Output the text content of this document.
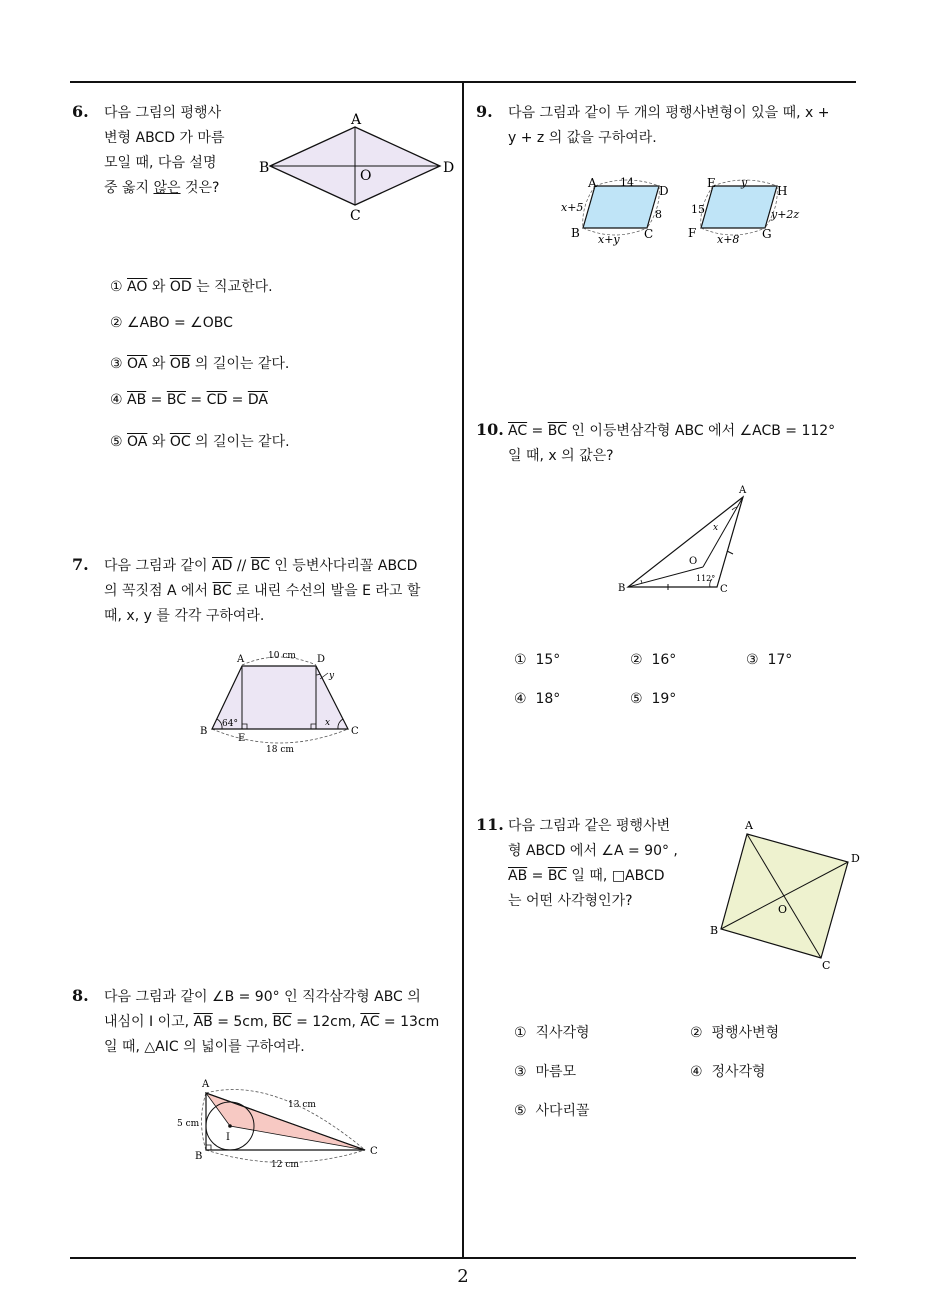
6. 다음 그림의 평행사
변형 ABCD 가 마름
모일 때, 다음 설명
중 옳지 않은 것은?
A
B
C
D
O
① $\overline{AO}$ 와 $\overline{OD}$ 는 직교한다.
② ∠ABO = ∠OBC
③ $\overline{OA}$ 와 $\overline{OB}$ 의 길이는 같다.
④ $\overline{AB} = \overline{BC} = \overline{CD} = \overline{DA}$
⑤ $\overline{OA}$ 와 $\overline{OC}$ 의 길이는 같다.
7. 다음 그림과 같이 $\overline{AD} // \overline{BC}$ 인 등변사다리꼴 ABCD
의 꼭짓점 A 에서 $\overline{BC}$ 로 내린 수선의 발을 E 라고 할
때, x, y 를 각각 구하여라.
A	D
B	C
E
10 cm
18 cm
64°	x
y
8. 다음 그림과 같이 ∠B = 90° 인 직각삼각형 ABC 의
내심이 I 이고, $\overline{AB} = 5cm$, $\overline{BC} = 12cm$, $\overline{AC} = 13cm$
일 때, △AIC 의 넓이를 구하여라.
A
B	C
I
5 cm
12 cm
13 cm
9. 다음 그림과 같이 두 개의 평행사변형이 있을 때, x +
y + z 의 값을 구하여라.
A
D
B	C
14
x+5
8
x+y
E
H
F	G
y
15	y+2z
x+8
10. $\overline{AC} = \overline{BC}$ 인 이등변삼각형 ABC 에서 ∠ACB = 112°
일 때, x 의 값은?
A
B	C
O
x
112°
① 15°	② 16°	③ 17°
④ 18°	⑤ 19°
11. 다음 그림과 같은 평행사변
형 ABCD 에서 ∠A = 90° ,
$\overline{AB} = \overline{BC}$ 일 때, □ABCD
는 어떤 사각형인가?
A
D
B
C
O
① 직사각형	② 평행사변형
③ 마름모	④ 정사각형
⑤ 사다리꼴
2
